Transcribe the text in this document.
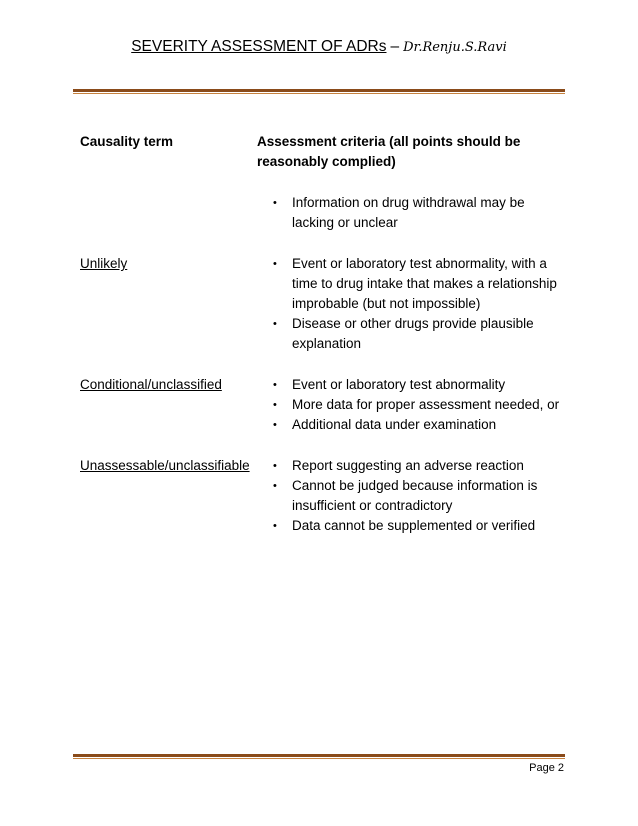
SEVERITY ASSESSMENT OF ADRs – Dr.Renju.S.Ravi
Causality term	Assessment criteria (all points should be reasonably complied)
• Information on drug withdrawal may be lacking or unclear
Unlikely	• Event or laboratory test abnormality, with a time to drug intake that makes a relationship improbable (but not impossible)
• Disease or other drugs provide plausible explanation
Conditional/unclassified	• Event or laboratory test abnormality
• More data for proper assessment needed, or
• Additional data under examination
Unassessable/unclassifiable	• Report suggesting an adverse reaction
• Cannot be judged because information is insufficient or contradictory
• Data cannot be supplemented or verified
Page 2
